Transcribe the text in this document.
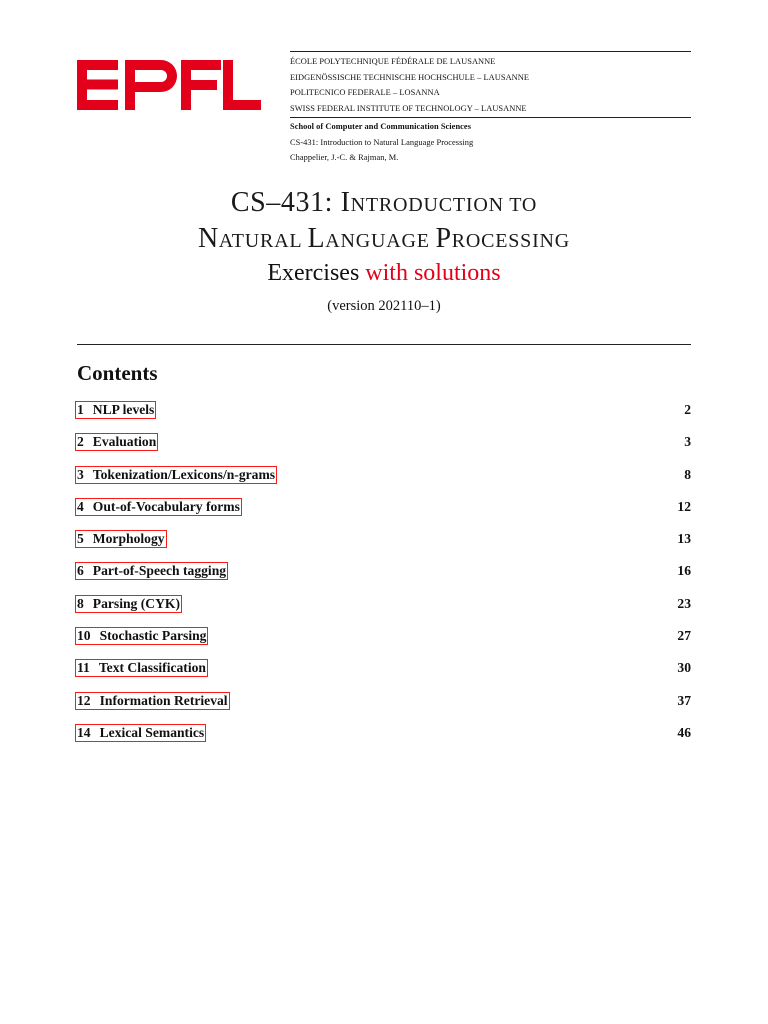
ÉCOLE POLYTECHNIQUE FÉDÉRALE DE LAUSANNE
EIDGENÖSSISCHE TECHNISCHE HOCHSCHULE – LAUSANNE
POLITECNICO FEDERALE – LOSANNA
SWISS FEDERAL INSTITUTE OF TECHNOLOGY – LAUSANNE
School of Computer and Communication Sciences
CS-431: Introduction to Natural Language Processing
Chappelier, J.-C. & Rajman, M.
CS–431: INTRODUCTION TO
NATURAL LANGUAGE PROCESSING
Exercises with solutions
(version 202110–1)
Contents
1 NLP levels	2
2 Evaluation	3
3 Tokenization/Lexicons/n-grams	8
4 Out-of-Vocabulary forms	12
5 Morphology	13
6 Part-of-Speech tagging	16
8 Parsing (CYK)	23
10 Stochastic Parsing	27
11 Text Classification	30
12 Information Retrieval	37
14 Lexical Semantics	46
